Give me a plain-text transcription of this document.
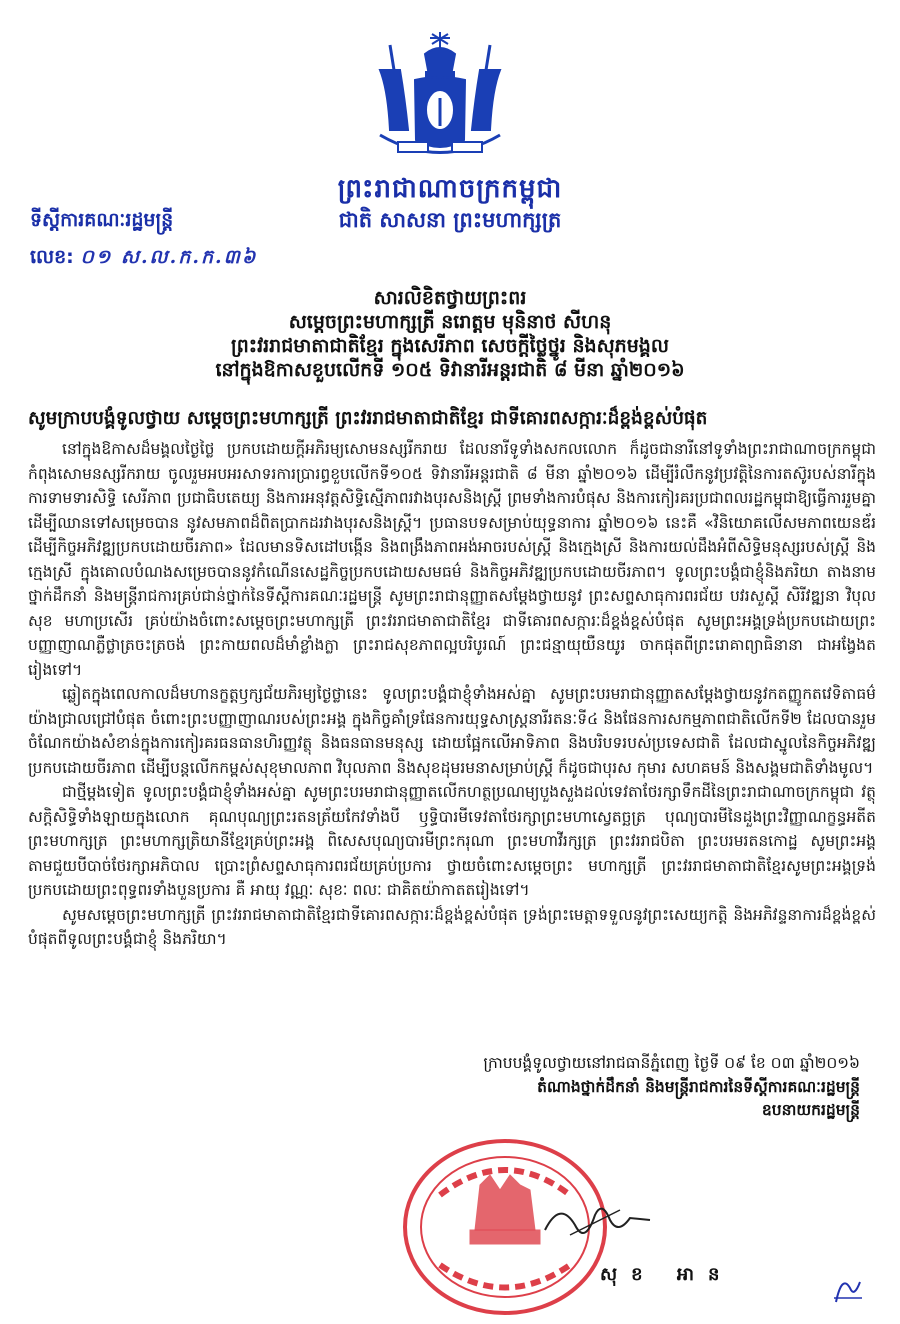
ព្រះរាជាណាចក្រកម្ពុជា
ជាតិ សាសនា ព្រះមហាក្សត្រ
ទីស្តីការគណៈរដ្ឋមន្ត្រី
លេខ: ០១ ស.ល.ក.ក.៣៦
សារលិខិតថ្វាយព្រះពរ
សម្តេចព្រះមហាក្សត្រី នរោត្តម មុនិនាថ សីហនុ
ព្រះវររាជមាតាជាតិខ្មែរ ក្នុងសេរីភាព សេចក្តីថ្លៃថ្នូរ និងសុភមង្គល
នៅក្នុងឱកាសខួបលើកទី ១០៥ ទិវានារីអន្តរជាតិ ៨ មីនា ឆ្នាំ២០១៦
សូមក្រាបបង្គំទូលថ្វាយ សម្តេចព្រះមហាក្សត្រី ព្រះវររាជមាតាជាតិខ្មែរ ជាទីគោរពសក្ការៈដ៏ខ្ពង់ខ្ពស់បំផុត

នៅក្នុងឱកាសដ៏មង្គលថ្ងៃថ្លៃ ប្រកបដោយក្តីអភិរម្យសោមនស្សរីករាយ ដែលនារីទូទាំងសកលលោក ក៏ដូចជានារីនៅទូទាំងព្រះរាជាណាចក្រកម្ពុជា កំពុងសោមនស្សរីករាយ ចូលរួមអបអរសាទរការប្រារព្ធខួបលើកទី១០៥ ទិវានារីអន្តរជាតិ ៨ មីនា ឆ្នាំ២០១៦ ដើម្បីរំលឹកនូវប្រវត្តិនៃការតស៊ូរបស់នារីក្នុងការទាមទារសិទ្ធិ សេរីភាព ប្រជាធិបតេយ្យ និងការអនុវត្តសិទ្ធិស្មើភាពរវាងបុរសនិងស្ត្រី ព្រមទាំងការបំផុស និងការកៀរគរប្រជាពលរដ្ឋកម្ពុជាឱ្យធ្វើការរួមគ្នា ដើម្បីឈានទៅសម្រេចបាន នូវសមភាពដ៏ពិតប្រាកដរវាងបុរសនិងស្ត្រី។ ប្រធានបទសម្រាប់យុទ្ធនាការ ឆ្នាំ២០១៦ នេះគឺ «វិនិយោគលើសមភាពយេនឌ័រ ដើម្បីកិច្ចអភិវឌ្ឍប្រកបដោយចីរភាព» ដែលមានទិសដៅបង្កើន និងពង្រឹងភាពអង់អាចរបស់ស្ត្រី និងក្មេងស្រី និងការយល់ដឹងអំពីសិទ្ធិមនុស្សរបស់ស្ត្រី និងក្មេងស្រី ក្នុងគោលបំណងសម្រេចបាននូវកំណើនសេដ្ឋកិច្ចប្រកបដោយសមធម៌ និងកិច្ចអភិវឌ្ឍប្រកបដោយចីរភាព។ ទូលព្រះបង្គំជាខ្ញុំនិងភរិយា តាងនាមថ្នាក់ដឹកនាំ និងមន្ត្រីរាជការគ្រប់ជាន់ថ្នាក់នៃទីស្តីការគណៈរដ្ឋមន្ត្រី សូមព្រះរាជានុញ្ញាតសម្តែងថ្វាយនូវ ព្រះសព្ទសាធុការពរជ័យ បវរសួស្តី សិរីវឌ្ឍនា វិបុលសុខ មហាប្រសើរ គ្រប់យ៉ាងចំពោះសម្តេចព្រះមហាក្សត្រី ព្រះវររាជមាតាជាតិខ្មែរ ជាទីគោរពសក្ការៈដ៏ខ្ពង់ខ្ពស់បំផុត សូមព្រះអង្គទ្រង់ប្រកបដោយព្រះបញ្ញាញាណភ្លឺថ្លាត្រចះត្រចង់ ព្រះកាយពលដ៏មាំខ្លាំងក្លា ព្រះរាជសុខភាពល្អបរិបូរណ៍ ព្រះជន្មាយុយឺនយូរ ចាកផុតពីព្រះរោគាព្យាធិនានា ជាអង្វែងតរៀងទៅ។

ឆ្លៀតក្នុងពេលកាលដ៏មហានក្ខត្តឫក្សជ័យភិរម្យថ្ងៃថ្លានេះ ទូលព្រះបង្គំជាខ្ញុំទាំងអស់គ្នា សូមព្រះបរមរាជានុញ្ញាតសម្តែងថ្វាយនូវកតញ្ញូកតវេទិតាធម៌យ៉ាងជ្រាលជ្រៅបំផុត ចំពោះព្រះបញ្ញាញាណរបស់ព្រះអង្គ ក្នុងកិច្ចគាំទ្រផែនការយុទ្ធសាស្ត្រនារីរតនៈទី៤ និងផែនការសកម្មភាពជាតិលើកទី២ ដែលបានរួមចំណែកយ៉ាងសំខាន់ក្នុងការកៀរគរធនធានហិរញ្ញវត្ថុ និងធនធានមនុស្ស ដោយផ្អែកលើអាទិភាព និងបរិបទរបស់ប្រទេសជាតិ ដែលជាស្នូលនៃកិច្ចអភិវឌ្ឍប្រកបដោយចីរភាព ដើម្បីបន្តលើកកម្ពស់សុខុមាលភាព វិបុលភាព និងសុខដុមរមនាសម្រាប់ស្ត្រី ក៏ដូចជាបុរស កុមារ សហគមន៍ និងសង្គមជាតិទាំងមូល។

ជាថ្មីម្តងទៀត ទូលព្រះបង្គំជាខ្ញុំទាំងអស់គ្នា សូមព្រះបរមរាជានុញ្ញាតលើកហត្ថប្រណម្យបួងសួងដល់ទេវតាថែរក្សាទឹកដីនៃព្រះរាជាណាចក្រកម្ពុជា វត្ថុសក្តិសិទ្ធិទាំងឡាយក្នុងលោក គុណបុណ្យព្រះរតនត្រ័យកែវទាំងបី ឫទ្ធិបារមីទេវតាថែរក្សាព្រះមហាស្វេតច្ឆត្រ បុណ្យបារមីនៃដួងព្រះវិញ្ញាណក្ខន្ធអតីតព្រះមហាក្សត្រ ព្រះមហាក្សត្រិយានីខ្មែរគ្រប់ព្រះអង្គ ពិសេសបុណ្យបារមីព្រះករុណា ព្រះមហាវីរក្សត្រ ព្រះវររាជបិតា ព្រះបរមរតនកោដ្ឋ សូមព្រះអង្គតាមជួយបីបាច់ថែរក្សាអភិបាល ប្រោះព្រំសព្ទសាធុការពរជ័យគ្រប់ប្រការ ថ្វាយចំពោះសម្តេចព្រះ មហាក្សត្រី ព្រះវររាជមាតាជាតិខ្មែរសូមព្រះអង្គទ្រង់ប្រកបដោយព្រះពុទ្ធពរទាំងបួនប្រការ គឺ អាយុ វណ្ណៈ សុខៈ ពលៈ ជាគិតយ៉ាកាតតរៀងទៅ។

សូមសម្តេចព្រះមហាក្សត្រី ព្រះវររាជមាតាជាតិខ្មែរជាទីគោរពសក្ការៈដ៏ខ្ពង់ខ្ពស់បំផុត ទ្រង់ព្រះមេត្តាទទួលនូវព្រះសេយ្យកត្តិ និងអភិវន្ទនាការដ៏ខ្ពង់ខ្ពស់បំផុតពីទូលព្រះបង្គំជាខ្ញុំ និងភរិយា។

ក្រាបបង្គំទូលថ្វាយនៅរាជធានីភ្នំពេញ ថ្ងៃទី ០៩ ខែ ០៣ ឆ្នាំ២០១៦
តំណាងថ្នាក់ដឹកនាំ និងមន្ត្រីរាជការនៃទីស្តីការគណៈរដ្ឋមន្ត្រី
ឧបនាយករដ្ឋមន្ត្រី
សុខ អាន
